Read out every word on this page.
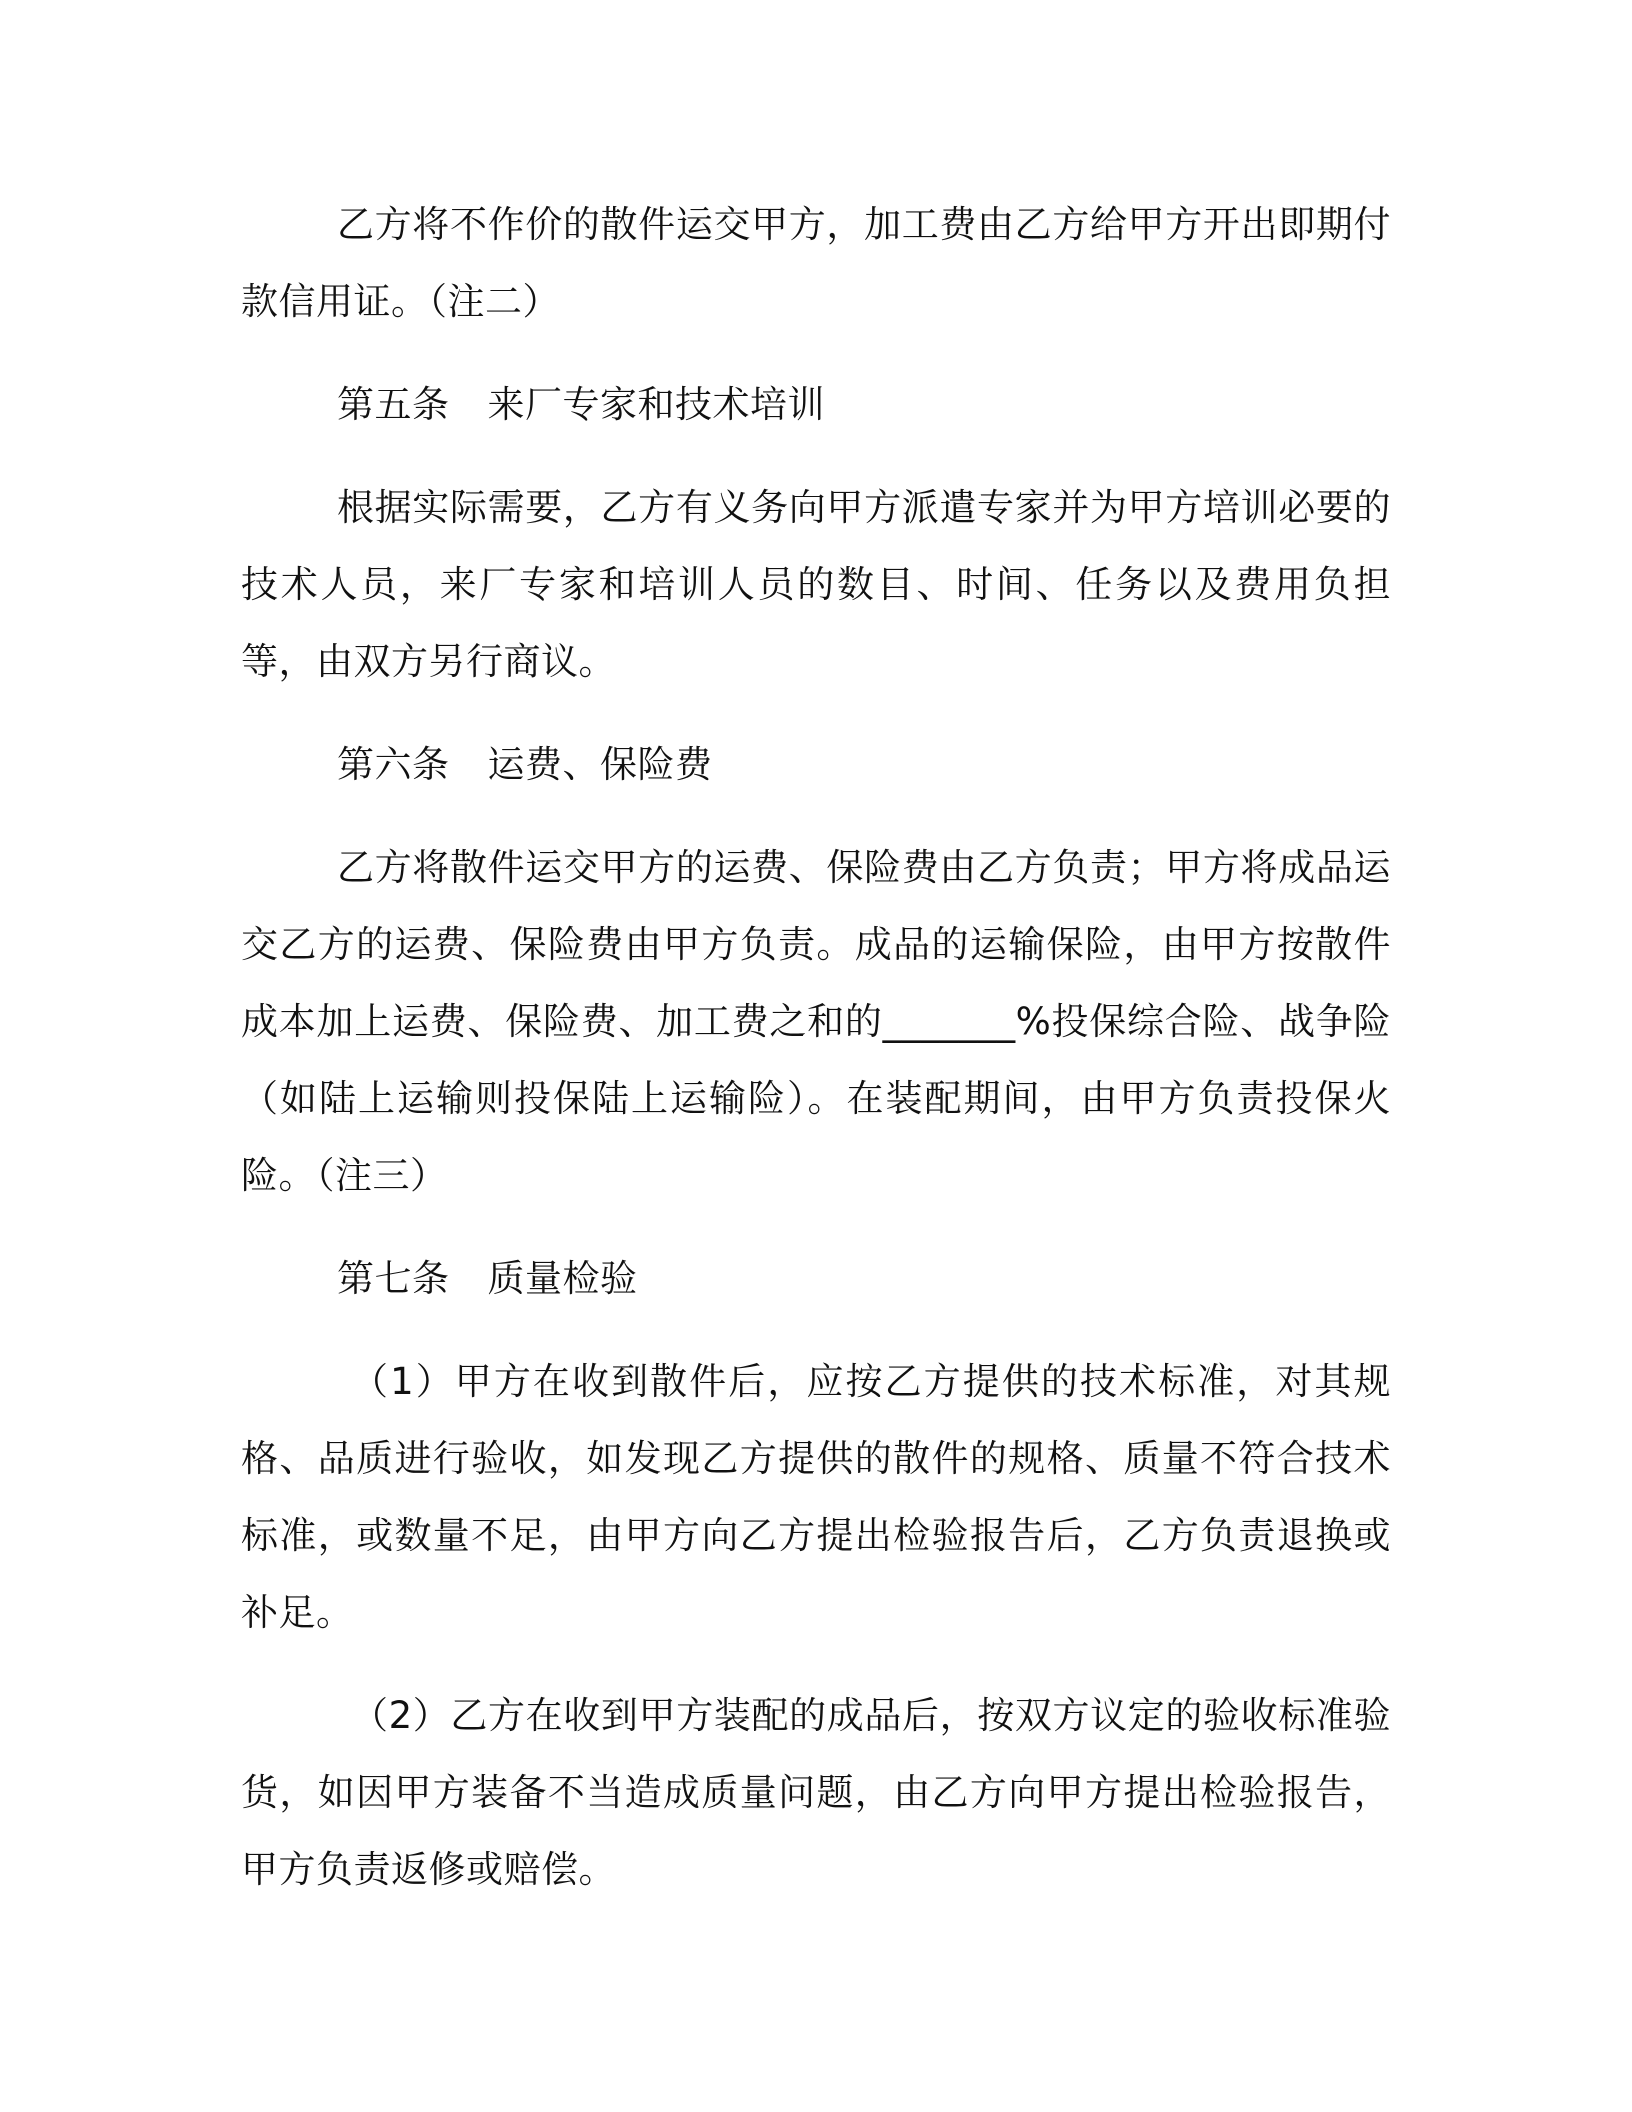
乙方将不作价的散件运交甲方，加工费由乙方给甲方开出即期付款信用证。（注二）

第五条 来厂专家和技术培训

根据实际需要，乙方有义务向甲方派遣专家并为甲方培训必要的技术人员，来厂专家和培训人员的数目、时间、任务以及费用负担等，由双方另行商议。

第六条 运费、保险费

乙方将散件运交甲方的运费、保险费由乙方负责；甲方将成品运交乙方的运费、保险费由甲方负责。成品的运输保险，由甲方按散件成本加上运费、保险费、加工费之和的_______%投保综合险、战争险（如陆上运输则投保陆上运输险）。在装配期间，由甲方负责投保火险。（注三）

第七条 质量检验

（1）甲方在收到散件后，应按乙方提供的技术标准，对其规格、品质进行验收，如发现乙方提供的散件的规格、质量不符合技术标准，或数量不足，由甲方向乙方提出检验报告后，乙方负责退换或补足。

（2）乙方在收到甲方装配的成品后，按双方议定的验收标准验货，如因甲方装备不当造成质量问题，由乙方向甲方提出检验报告，甲方负责返修或赔偿。
